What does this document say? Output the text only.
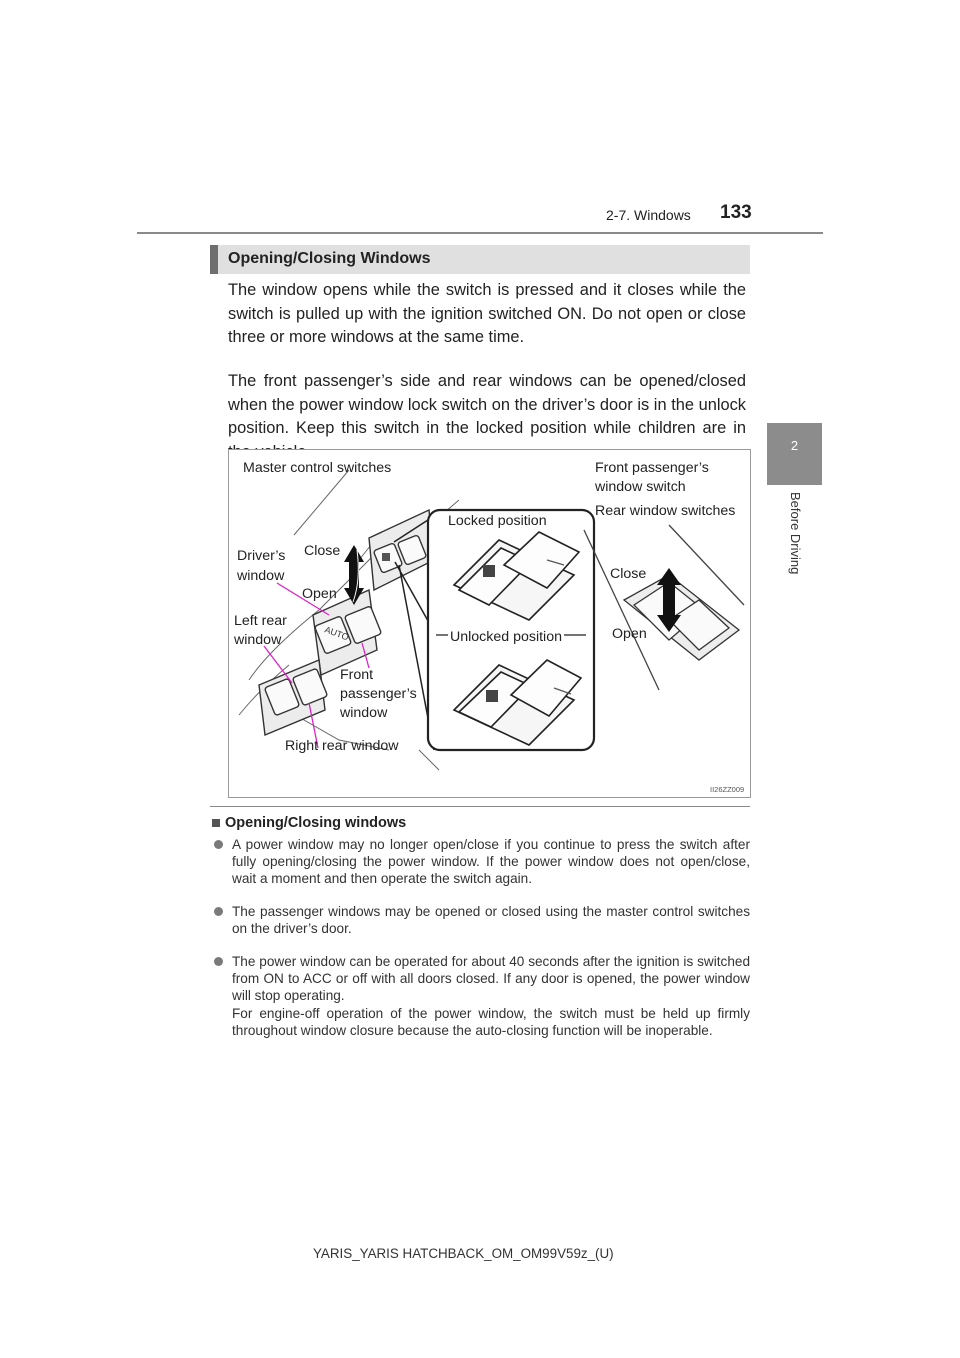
2-7. Windows 133
2
Before Driving
Opening/Closing Windows
The window opens while the switch is pressed and it closes while the switch is pulled up with the ignition switched ON. Do not open or close three or more windows at the same time.
The front passenger’s side and rear windows can be opened/closed when the power window lock switch on the driver’s door is in the unlock position. Keep this switch in the locked position while children are in
AUTO
Master control switches	Front passenger’s
window switch
Rear window switches
Locked position
Unlocked position
Driver’s
window
Close
Open
Left rear
window
Front
passenger’s
window
Right rear window
Close
Open
II26ZZ009
Opening/Closing windows
A power window may no longer open/close if you continue to press the switch after fully opening/closing the power window. If the power window does not open/close, wait a moment and then operate the switch again.
The passenger windows may be opened or closed using the master control switches on the driver’s door.
The power window can be operated for about 40 seconds after the ignition is switched from ON to ACC or off with all doors closed. If any door is opened, the power window will stop operating.
For engine-off operation of the power window, the switch must be held up firmly throughout window closure because the auto-closing function will be inoperable.
YARIS_YARIS HATCHBACK_OM_OM99V59z_(U)
